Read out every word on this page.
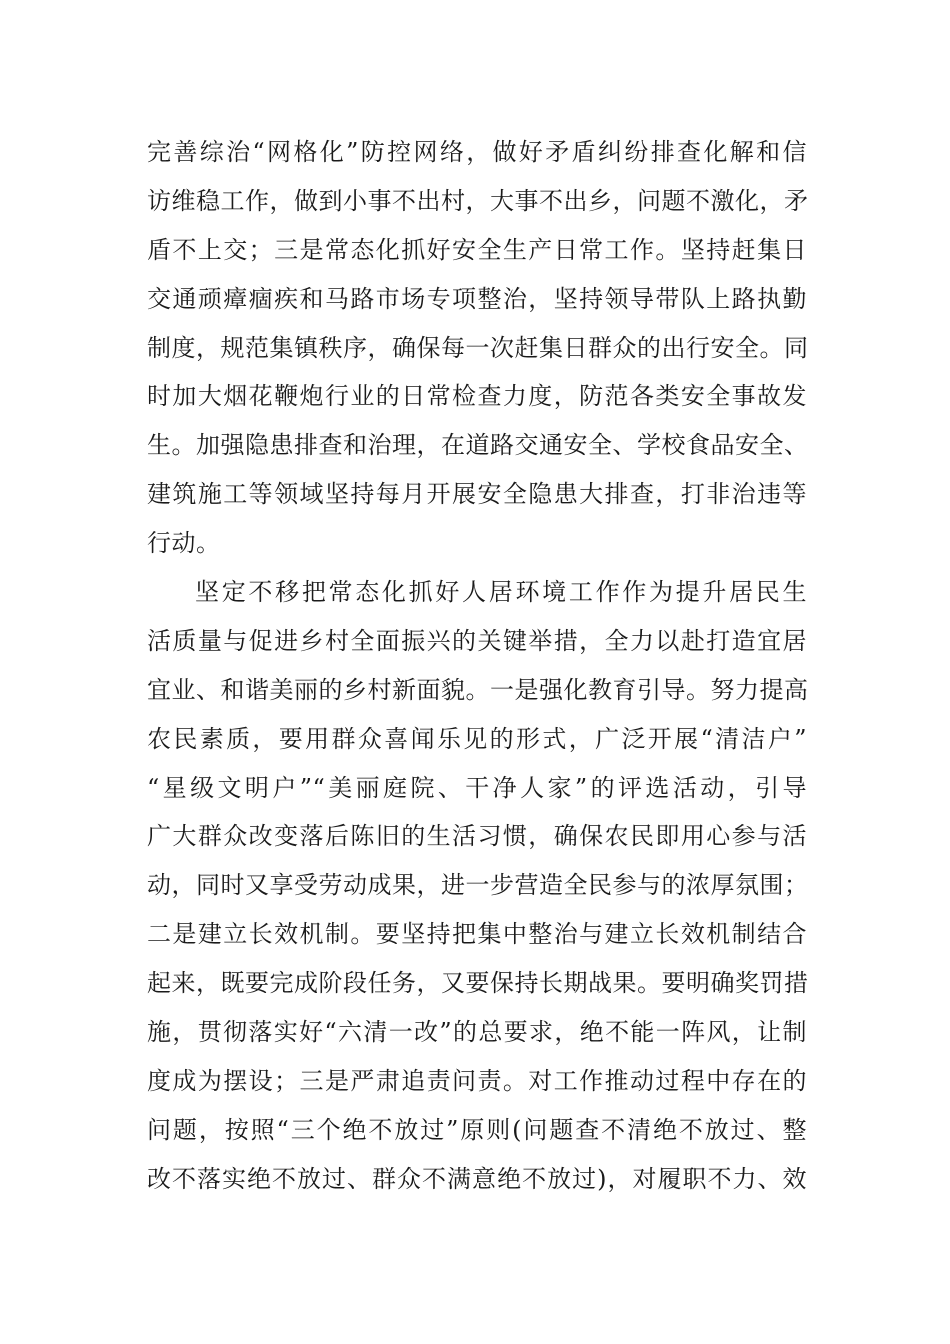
完善综治“网格化”防控网络，做好矛盾纠纷排查化解和信
访维稳工作，做到小事不出村，大事不出乡，问题不激化，矛
盾不上交；三是常态化抓好安全生产日常工作。坚持赶集日
交通顽瘴痼疾和马路市场专项整治，坚持领导带队上路执勤
制度，规范集镇秩序，确保每一次赶集日群众的出行安全。同
时加大烟花鞭炮行业的日常检查力度，防范各类安全事故发
生。加强隐患排查和治理，在道路交通安全、学校食品安全、
建筑施工等领域坚持每月开展安全隐患大排查，打非治违等
行动。
坚定不移把常态化抓好人居环境工作作为提升居民生
活质量与促进乡村全面振兴的关键举措，全力以赴打造宜居
宜业、和谐美丽的乡村新面貌。一是强化教育引导。努力提高
农民素质，要用群众喜闻乐见的形式，广泛开展“清洁户”
“星级文明户”“美丽庭院、干净人家”的评选活动，引导
广大群众改变落后陈旧的生活习惯，确保农民即用心参与活
动，同时又享受劳动成果，进一步营造全民参与的浓厚氛围；
二是建立长效机制。要坚持把集中整治与建立长效机制结合
起来，既要完成阶段任务，又要保持长期战果。要明确奖罚措
施，贯彻落实好“六清一改”的总要求，绝不能一阵风，让制
度成为摆设；三是严肃追责问责。对工作推动过程中存在的
问题，按照“三个绝不放过”原则(问题查不清绝不放过、整
改不落实绝不放过、群众不满意绝不放过)，对履职不力、效
